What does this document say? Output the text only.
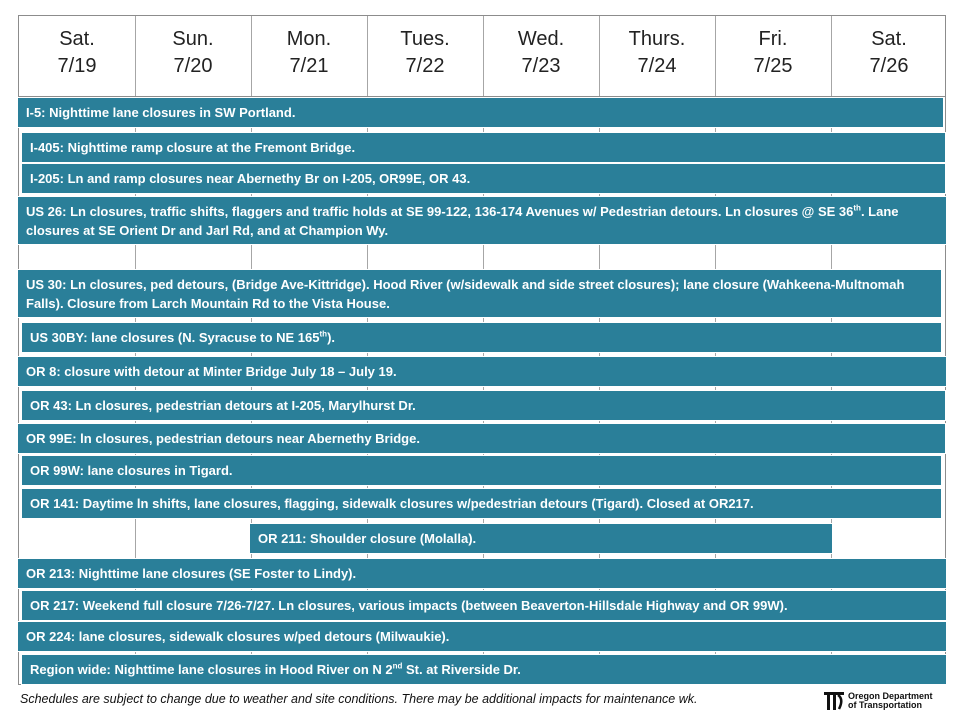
Sat.
7/19
Sun.
7/20
Mon.
7/21
Tues.
7/22
Wed.
7/23
Thurs.
7/24
Fri.
7/25
Sat.
7/26
I-5: Nighttime lane closures in SW Portland.
I-405: Nighttime ramp closure at the Fremont Bridge.
I-205: Ln and ramp closures near Abernethy Br on I-205, OR99E, OR 43.
US 26: Ln closures, traffic shifts, flaggers and traffic holds at SE 99-122, 136-174 Avenues w/ Pedestrian detours. Ln closures @ SE 36th. Lane closures at SE Orient Dr and Jarl Rd, and at Champion Wy.
US 30: Ln closures, ped detours, (Bridge Ave-Kittridge). Hood River (w/sidewalk and side street closures); lane closure (Wahkeena-Multnomah Falls). Closure from Larch Mountain Rd to the Vista House.
US 30BY: lane closures (N. Syracuse to NE 165th).
OR 8: closure with detour at Minter Bridge July 18 – July 19.
OR 43: Ln closures, pedestrian detours at I-205, Marylhurst Dr.
OR 99E: ln closures, pedestrian detours near Abernethy Bridge.
OR 99W: lane closures in Tigard.
OR 141: Daytime ln shifts, lane closures, flagging, sidewalk closures w/pedestrian detours (Tigard). Closed at OR217.
OR 211: Shoulder closure (Molalla).
OR 213: Nighttime lane closures (SE Foster to Lindy).
OR 217: Weekend full closure 7/26-7/27. Ln closures, various impacts (between Beaverton-Hillsdale Highway and OR 99W).
OR 224: lane closures, sidewalk closures w/ped detours (Milwaukie).
Region wide: Nighttime lane closures in Hood River on N 2nd St. at Riverside Dr.
Schedules are subject to change due to weather and site conditions. There may be additional impacts for maintenance wk.	Oregon Department
of Transportation
